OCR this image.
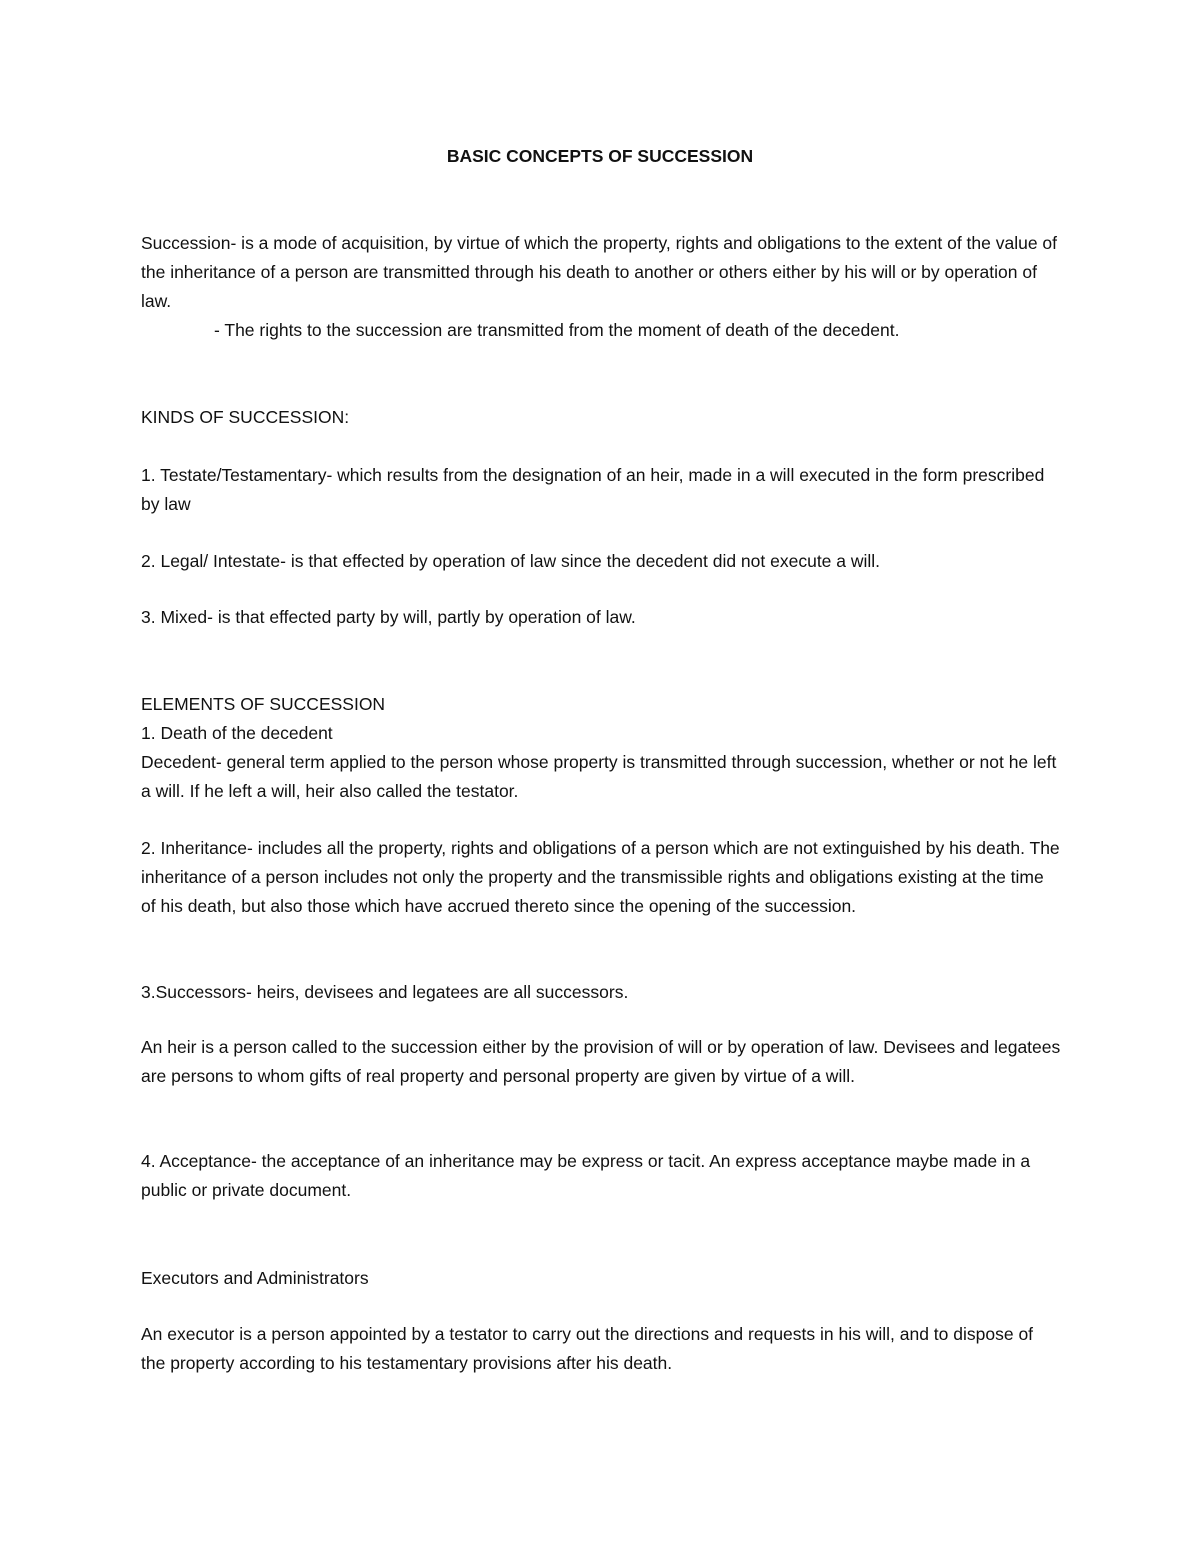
BASIC CONCEPTS OF SUCCESSION

Succession- is a mode of acquisition, by virtue of which the property, rights and obligations to the extent of the value of the inheritance of a person are transmitted through his death to another or others either by his will or by operation of law.

- The rights to the succession are transmitted from the moment of death of the decedent.

KINDS OF SUCCESSION:

1. Testate/Testamentary- which results from the designation of an heir, made in a will executed in the form prescribed by law

2. Legal/ Intestate- is that effected by operation of law since the decedent did not execute a will.

3. Mixed- is that effected party by will, partly by operation of law.

ELEMENTS OF SUCCESSION

1. Death of the decedent

Decedent- general term applied to the person whose property is transmitted through succession, whether or not he left a will. If he left a will, heir also called the testator.

2. Inheritance- includes all the property, rights and obligations of a person which are not extinguished by his death. The inheritance of a person includes not only the property and the transmissible rights and obligations existing at the time of his death, but also those which have accrued thereto since the opening of the succession.

3.Successors- heirs, devisees and legatees are all successors.

An heir is a person called to the succession either by the provision of will or by operation of law. Devisees and legatees are persons to whom gifts of real property and personal property are given by virtue of a will.

4. Acceptance- the acceptance of an inheritance may be express or tacit. An express acceptance maybe made in a public or private document.

Executors and Administrators

An executor is a person appointed by a testator to carry out the directions and requests in his will, and to dispose of the property according to his testamentary provisions after his death.
